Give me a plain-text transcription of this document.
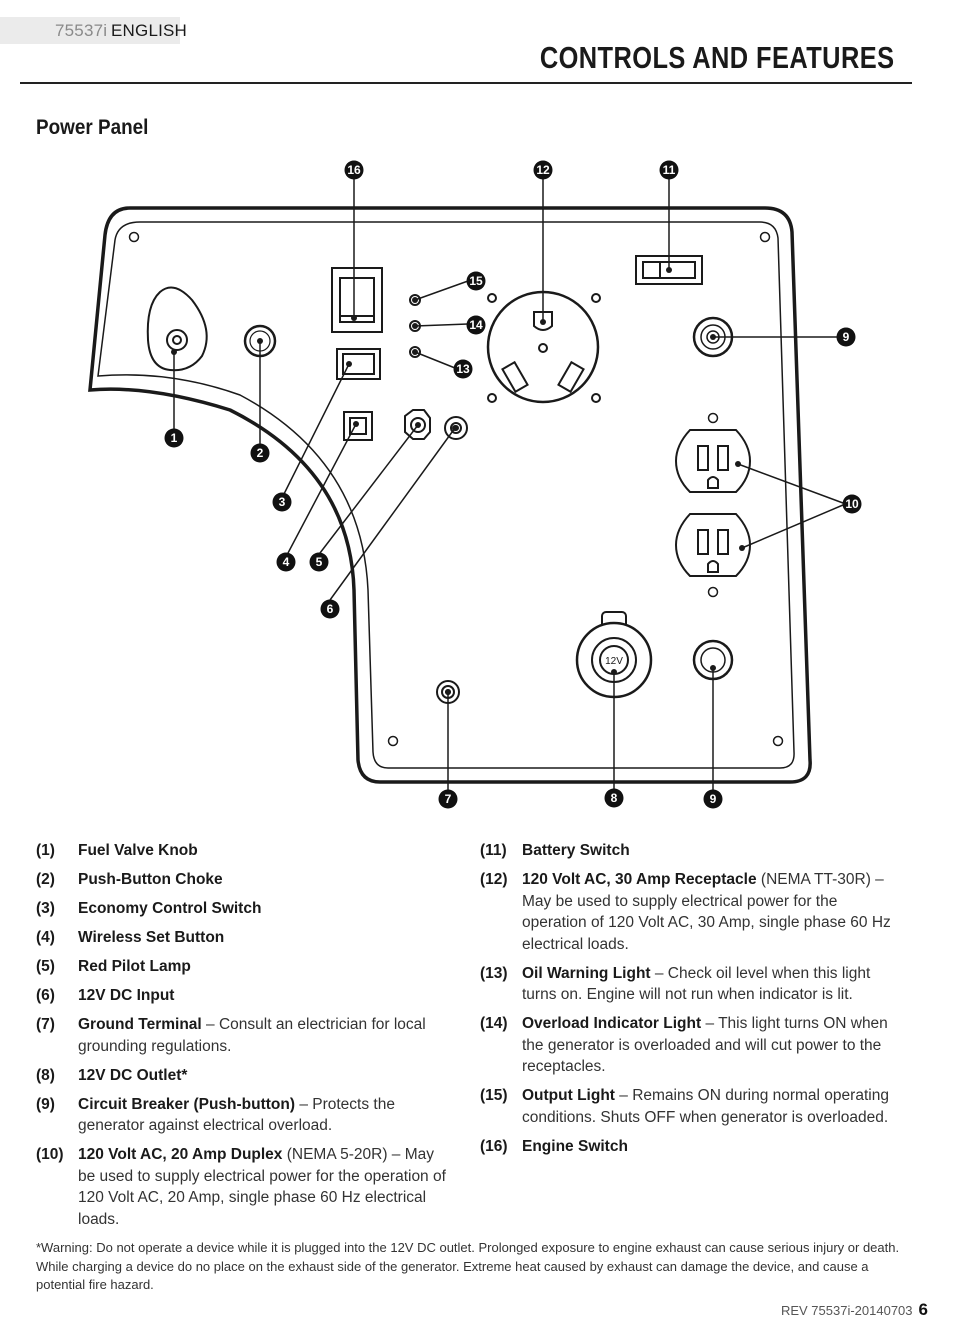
75537i ENGLISH
CONTROLS AND FEATURES
Power Panel
12V
1
2
3
4 5
6
7	8	9
9
10
11
12
13
14
15
16
(1) Fuel Valve Knob
(2) Push-Button Choke
(3) Economy Control Switch
(4) Wireless Set Button
(5) Red Pilot Lamp
(6) 12V DC Input
(7) Ground Terminal – Consult an electrician for local grounding regulations.
(8) 12V DC Outlet*
(9) Circuit Breaker (Push-button) – Protects the generator against electrical overload.
(10) 120 Volt AC, 20 Amp Duplex (NEMA 5-20R) – May be used to supply electrical power for the operation of 120 Volt AC, 20 Amp, single phase 60 Hz electrical loads.
(11) Battery Switch
(12) 120 Volt AC, 30 Amp Receptacle (NEMA TT-30R) – May be used to supply electrical power for the operation of 120 Volt AC, 30 Amp, single phase 60 Hz electrical loads.
(13) Oil Warning Light – Check oil level when this light turns on. Engine will not run when indicator is lit.
(14) Overload Indicator Light – This light turns ON when the generator is overloaded and will cut power to the receptacles.
(15) Output Light – Remains ON during normal operating conditions. Shuts OFF when generator is overloaded.
(16) Engine Switch
*Warning: Do not operate a device while it is plugged into the 12V DC outlet. Prolonged exposure to engine exhaust can cause serious injury or death. While charging a device do no place on the exhaust side of the generator. Extreme heat caused by exhaust can damage the device, and cause a potential fire hazard.
REV 75537i-20140703 6
